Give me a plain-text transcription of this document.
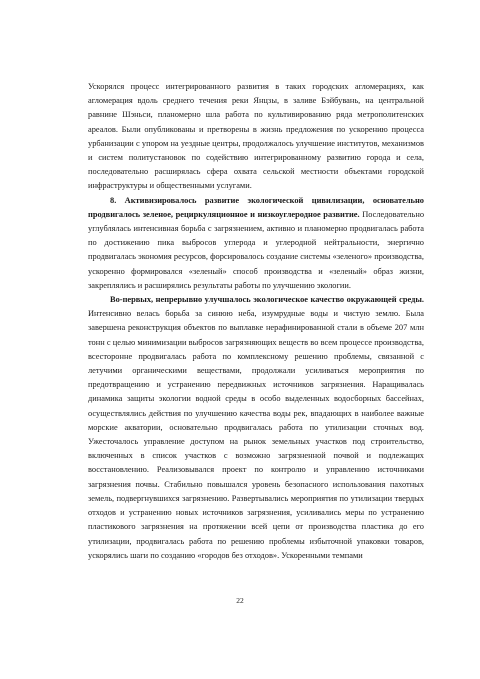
Ускорялся процесс интегрированного развития в таких городских агломерациях, как агломерация вдоль среднего течения реки Янцзы, в заливе Бэйбувань, на центральной равнине Шэньси, планомерно шла работа по культивированию ряда метрополитенских ареалов. Были опубликованы и претворены в жизнь предложения по ускорению процесса урбанизации с упором на уездные центры, продолжалось улучшение институтов, механизмов и систем политустановок по содействию интегрированному развитию города и села, последовательно расширялась сфера охвата сельской местности объектами городской инфраструктуры и общественными услугами.

8. Активизировалось развитие экологической цивилизации, основательно продвигалось зеленое, рециркуляционное и низкоуглеродное развитие. Последовательно углублялась интенсивная борьба с загрязнением, активно и планомерно продвигалась работа по достижению пика выбросов углерода и углеродной нейтральности, энергично продвигалась экономия ресурсов, форсировалось создание системы «зеленого» производства, ускоренно формировался «зеленый» способ производства и «зеленый» образ жизни, закреплялись и расширялись результаты работы по улучшению экологии.

Во-первых, непрерывно улучшалось экологическое качество окружающей среды. Интенсивно велась борьба за синюю небa, изумрудные воды и чистую землю. Была завершена реконструкция объектов по выплавке нерафинированной стали в объеме 207 млн тонн с целью минимизации выбросов загрязняющих веществ во всем процессе производства, всесторонне продвигалась работа по комплексному решению проблемы, связанной с летучими органическими веществами, продолжали усиливаться мероприятия по предотвращению и устранению передвижных источников загрязнения. Наращивалась динамика защиты экологии водной среды в особо выделенных водосборных бассейнах, осуществлялись действия по улучшению качества воды рек, впадающих в наиболее важные морские акватории, основательно продвигалась работа по утилизации сточных вод. Ужесточалось управление доступом на рынок земельных участков под строительство, включенных в список участков с возможно загрязненной почвой и подлежащих восстановлению. Реализовывался проект по контролю и управлению источниками загрязнения почвы. Стабильно повышался уровень безопасного использования пахотных земель, подвергнувшихся загрязнению. Развертывались мероприятия по утилизации твердых отходов и устранению новых источников загрязнения, усиливались меры по устранению пластикового загрязнения на протяжении всей цепи от производства пластика до его утилизации, продвигалась работа по решению проблемы избыточной упаковки товаров, ускорялись шаги по созданию «городов без отходов». Ускоренными темпами

22
